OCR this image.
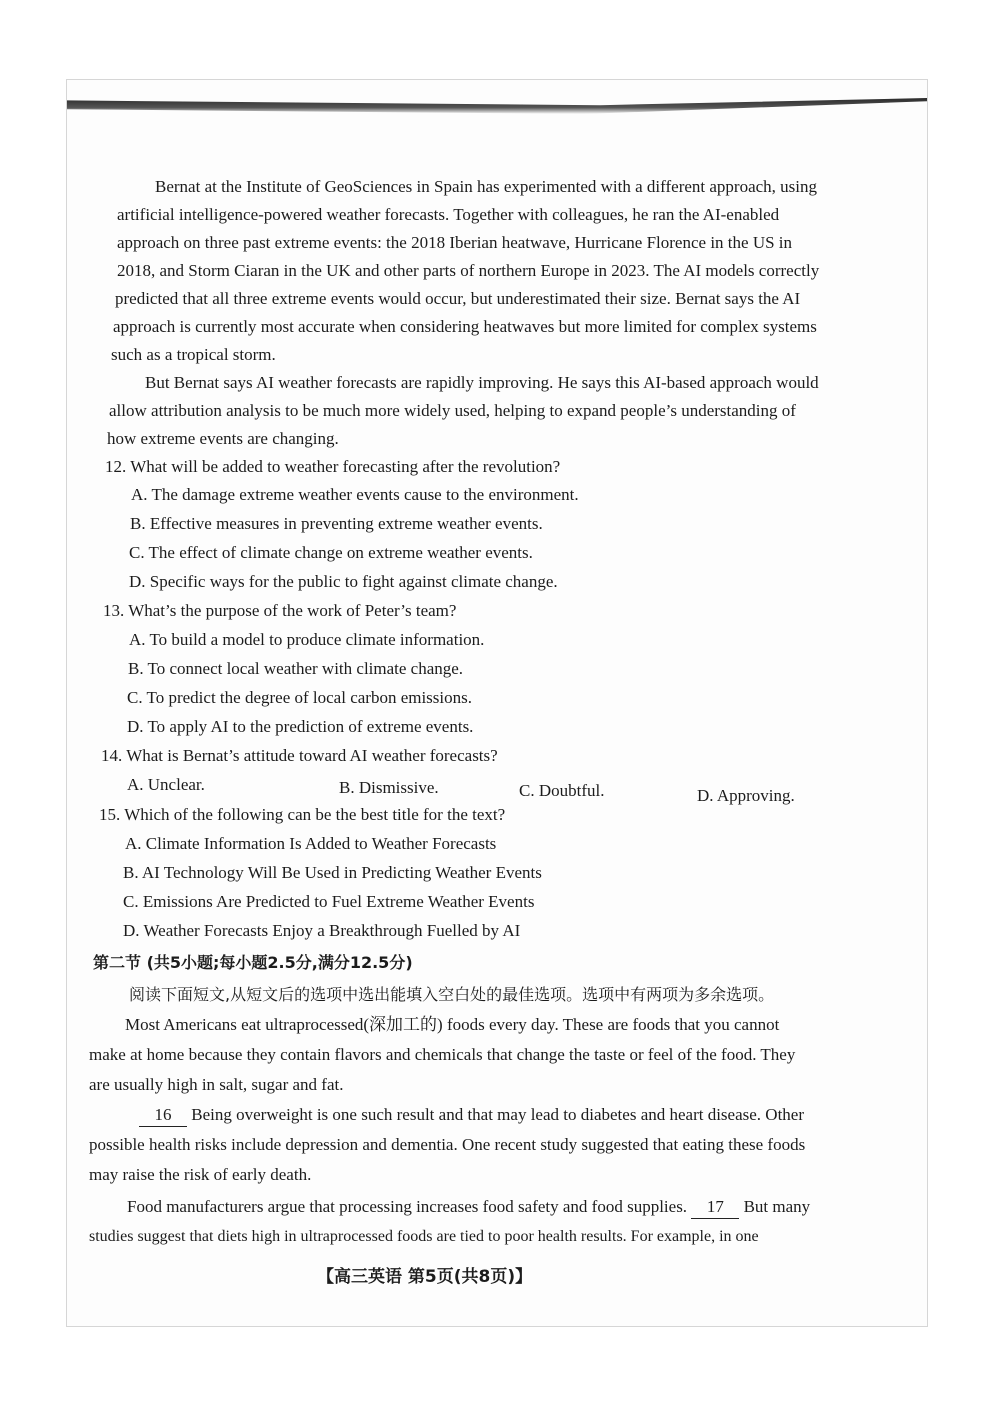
Bernat at the Institute of GeoSciences in Spain has experimented with a different approach, using
artificial intelligence-powered weather forecasts. Together with colleagues, he ran the AI-enabled
approach on three past extreme events: the 2018 Iberian heatwave, Hurricane Florence in the US in
2018, and Storm Ciaran in the UK and other parts of northern Europe in 2023. The AI models correctly
predicted that all three extreme events would occur, but underestimated their size. Bernat says the AI
approach is currently most accurate when considering heatwaves but more limited for complex systems
such as a tropical storm.
But Bernat says AI weather forecasts are rapidly improving. He says this AI-based approach would
allow attribution analysis to be much more widely used, helping to expand people’s understanding of
how extreme events are changing.
12. What will be added to weather forecasting after the revolution?
A. The damage extreme weather events cause to the environment.
B. Effective measures in preventing extreme weather events.
C. The effect of climate change on extreme weather events.
D. Specific ways for the public to fight against climate change.
13. What’s the purpose of the work of Peter’s team?
A. To build a model to produce climate information.
B. To connect local weather with climate change.
C. To predict the degree of local carbon emissions.
D. To apply AI to the prediction of extreme events.
14. What is Bernat’s attitude toward AI weather forecasts?
A. Unclear.	B. Dismissive.	C. Doubtful.	D. Approving.
15. Which of the following can be the best title for the text?
A. Climate Information Is Added to Weather Forecasts
B. AI Technology Will Be Used in Predicting Weather Events
C. Emissions Are Predicted to Fuel Extreme Weather Events
D. Weather Forecasts Enjoy a Breakthrough Fuelled by AI
第二节 (共5小题;每小题2.5分,满分12.5分)
阅读下面短文,从短文后的选项中选出能填入空白处的最佳选项。选项中有两项为多余选项。
Most Americans eat ultraprocessed(深加工的) foods every day. These are foods that you cannot
make at home because they contain flavors and chemicals that change the taste or feel of the food. They
are usually high in salt, sugar and fat.
16 Being overweight is one such result and that may lead to diabetes and heart disease. Other
possible health risks include depression and dementia. One recent study suggested that eating these foods
may raise the risk of early death.
Food manufacturers argue that processing increases food safety and food supplies. 17 But many
studies suggest that diets high in ultraprocessed foods are tied to poor health results. For example, in one
【高三英语 第5页(共8页)】
